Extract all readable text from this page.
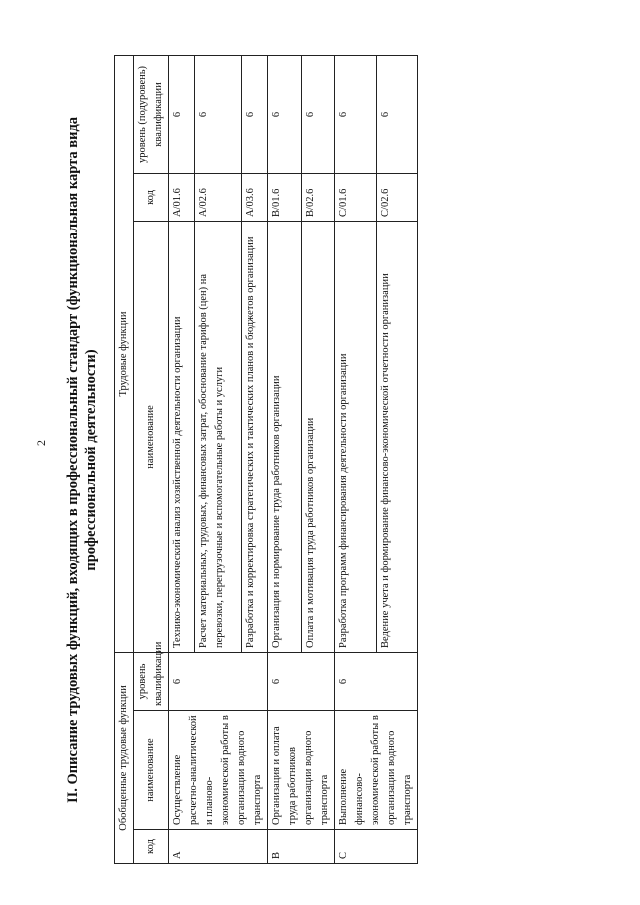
2 II. Описание трудовых функций, входящих в профессиональный стандарт (функциональная карта вида профессиональной деятельности)
Обобщенные трудовые функции			Трудовые функции		
код	наименование	уровень квалификации	наименование	код	уровень (подуровень) квалификации
A	Осуществление расчетно-аналитической и планово-экономической работы в организации водного транспорта	6	Технико-экономический анализ хозяйственной деятельности организации	A/01.6	6
			Расчет материальных, трудовых, финансовых затрат, обоснование тарифов (цен) на перевозки, перегрузочные и вспомогательные работы и услуги	A/02.6	6
			Разработка и корректировка стратегических и тактических планов и бюджетов организации	A/03.6	6
B	Организация и оплата труда работников организации водного транспорта	6	Организация и нормирование труда работников организации	B/01.6	6
			Оплата и мотивация труда работников организации	B/02.6	6
C	Выполнение финансово-экономической работы в организации водного транспорта	6	Разработка программ финансирования деятельности организации	C/01.6	6
			Ведение учета и формирование финансово-экономической отчетности организации	C/02.6	6
